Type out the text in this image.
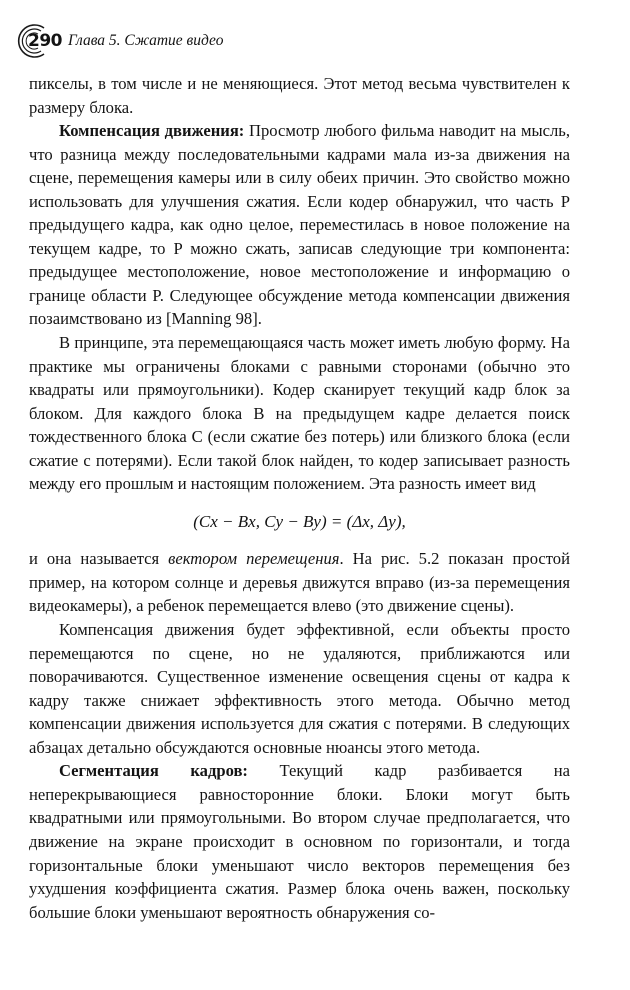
290 Глава 5. Сжатие видео

пикселы, в том числе и не меняющиеся. Этот метод весьма чувствителен к размеру блока.

Компенсация движения: Просмотр любого фильма наводит на мысль, что разница между последовательными кадрами мала из-за движения на сцене, перемещения камеры или в силу обеих причин. Это свойство можно использовать для улучшения сжатия. Если кодер обнаружил, что часть P предыдущего кадра, как одно целое, переместилась в новое положение на текущем кадре, то P можно сжать, записав следующие три компонента: предыдущее местоположение, новое местоположение и информацию о границе области P. Следующее обсуждение метода компенсации движения позаимствовано из [Manning 98].

В принципе, эта перемещающаяся часть может иметь любую форму. На практике мы ограничены блоками с равными сторонами (обычно это квадраты или прямоугольники). Кодер сканирует текущий кадр блок за блоком. Для каждого блока B на предыдущем кадре делается поиск тождественного блока C (если сжатие без потерь) или близкого блока (если сжатие с потерями). Если такой блок найден, то кодер записывает разность между его прошлым и настоящим положением. Эта разность имеет вид

(Cx − Bx, Cy − By) = (Δx, Δy),

и она называется вектором перемещения. На рис. 5.2 показан простой пример, на котором солнце и деревья движутся вправо (из-за перемещения видеокамеры), а ребенок перемещается влево (это движение сцены).

Компенсация движения будет эффективной, если объекты просто перемещаются по сцене, но не удаляются, приближаются или поворачиваются. Существенное изменение освещения сцены от кадра к кадру также снижает эффективность этого метода. Обычно метод компенсации движения используется для сжатия с потерями. В следующих абзацах детально обсуждаются основные нюансы этого метода.

Сегментация кадров: Текущий кадр разбивается на неперекрывающиеся равносторонние блоки. Блоки могут быть квадратными или прямоугольными. Во втором случае предполагается, что движение на экране происходит в основном по горизонтали, и тогда горизонтальные блоки уменьшают число векторов перемещения без ухудшения коэффициента сжатия. Размер блока очень важен, поскольку большие блоки уменьшают вероятность обнаружения со-
